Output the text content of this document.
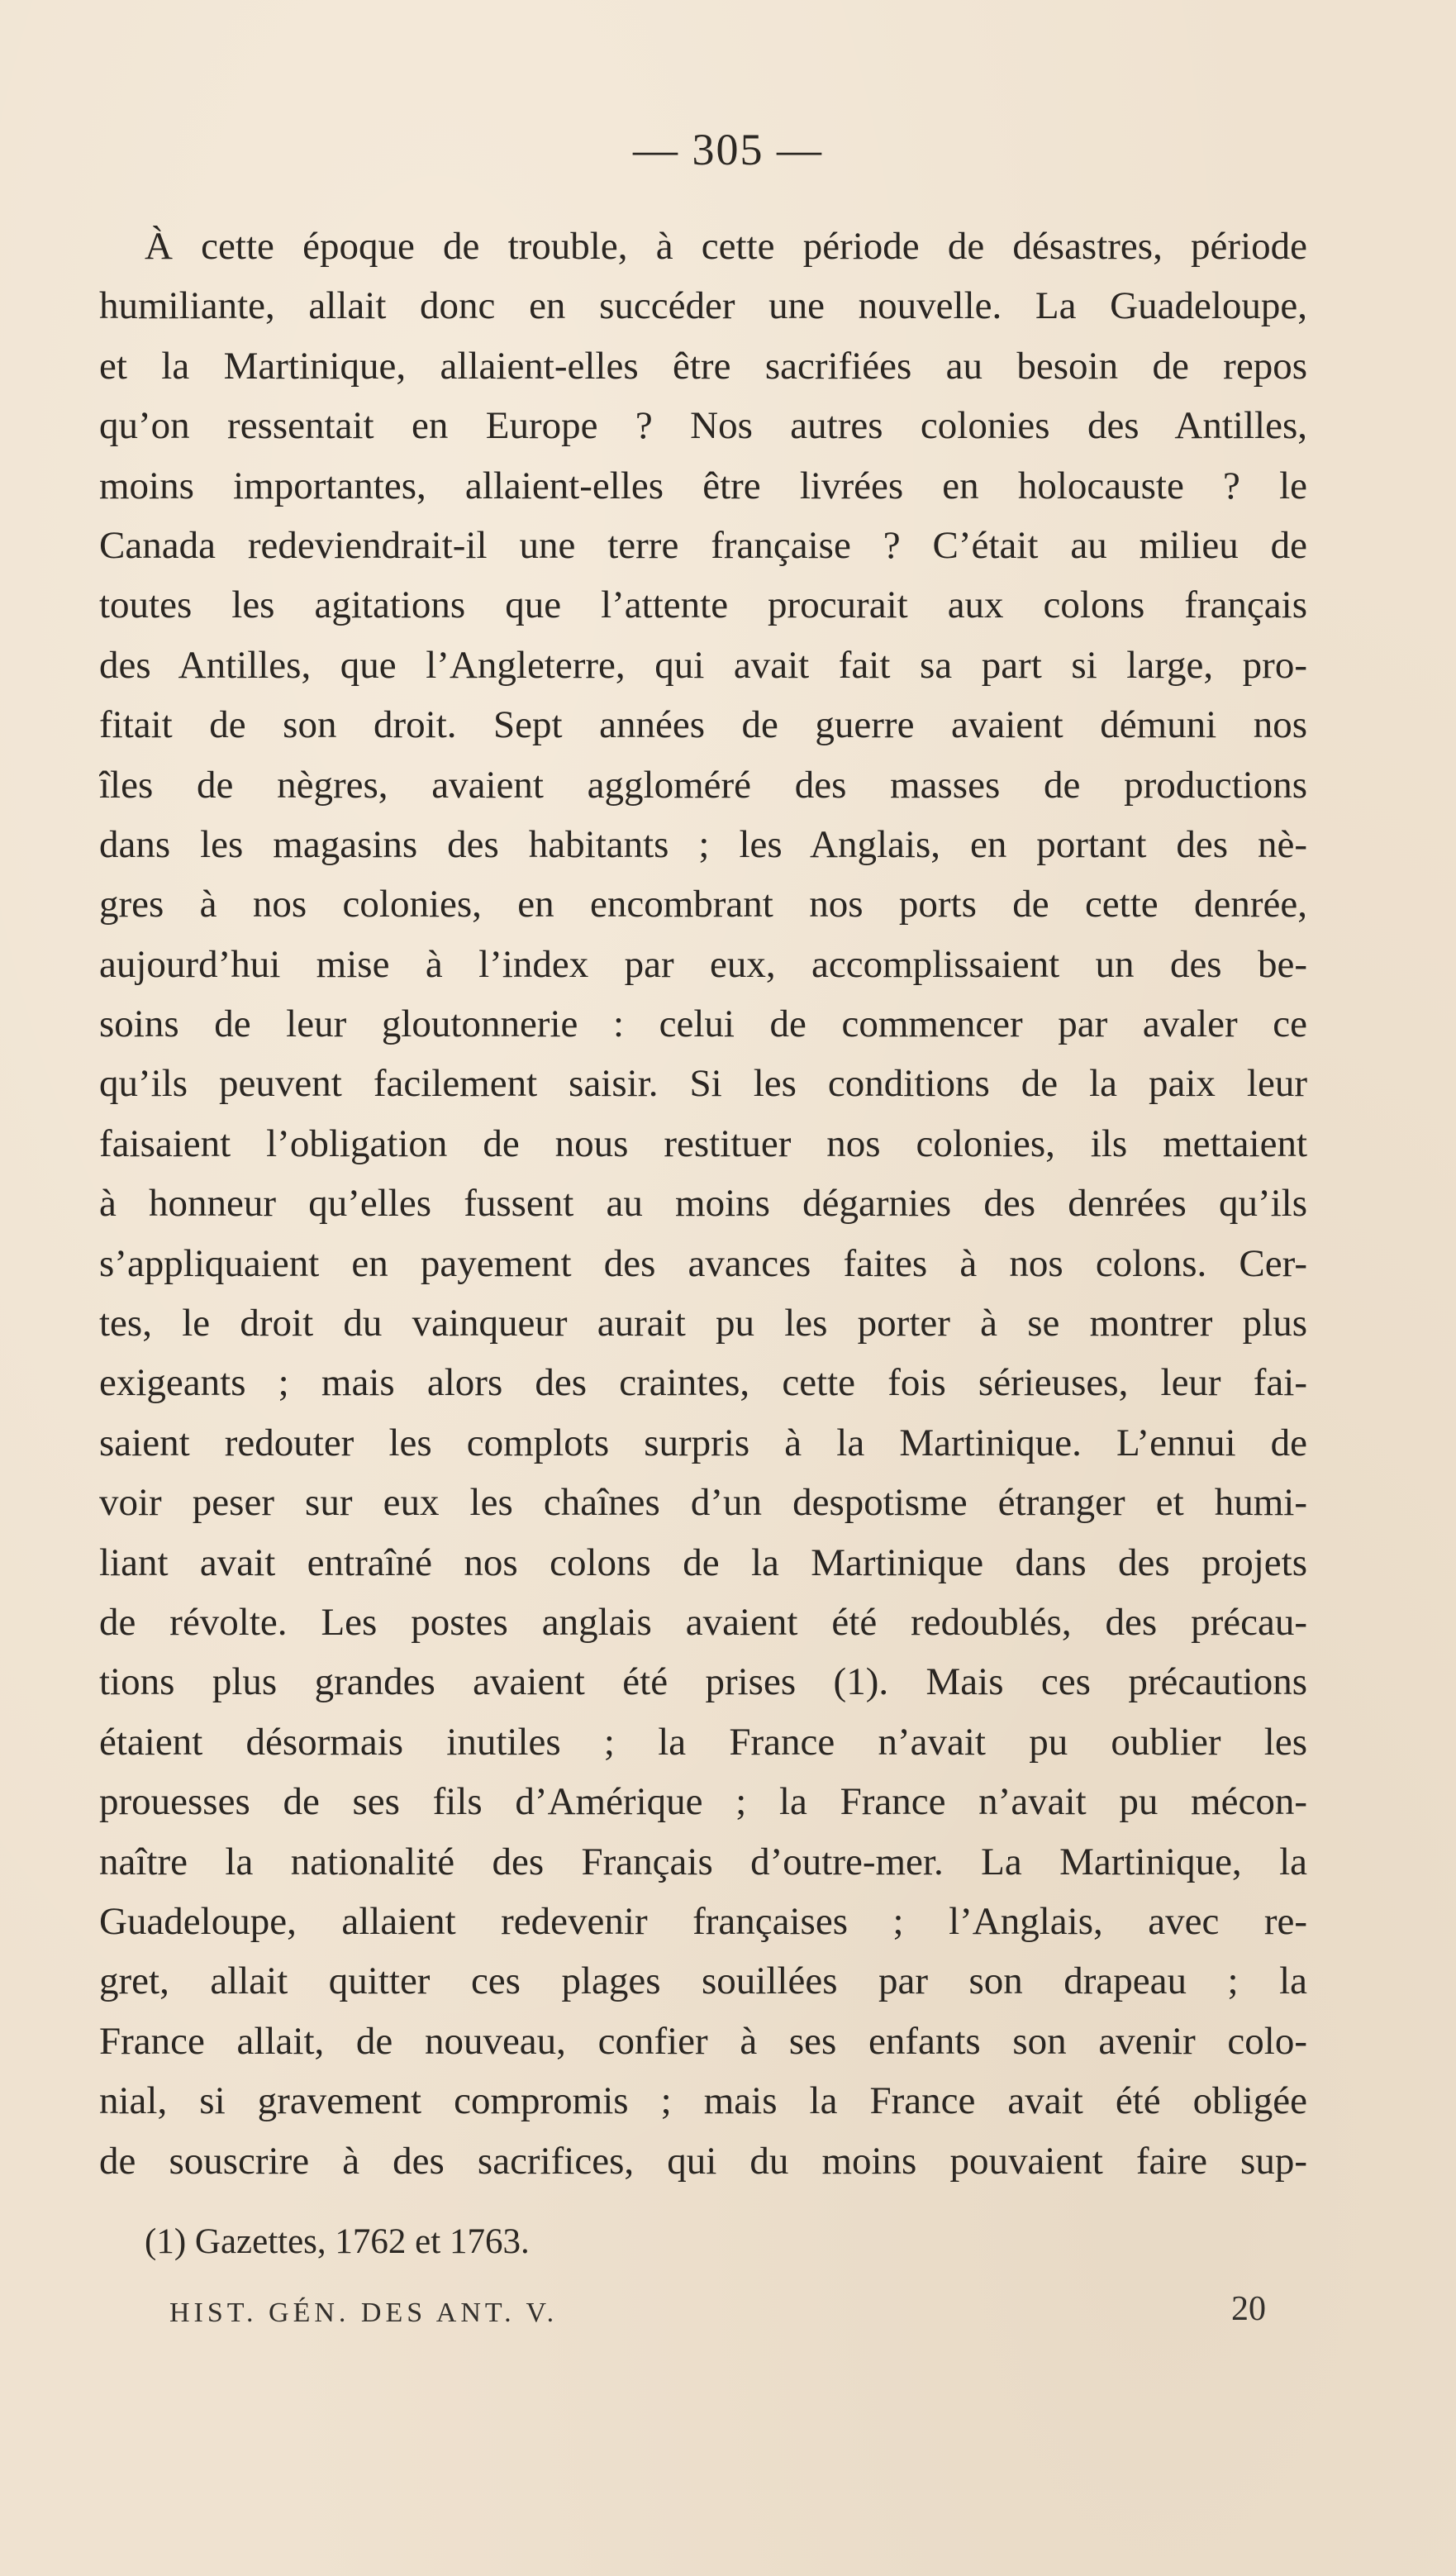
— 305 —
À cette époque de trouble, à cette période de désastres, période
humiliante, allait donc en succéder une nouvelle. La Guadeloupe,
et la Martinique, allaient-elles être sacrifiées au besoin de repos
qu’on ressentait en Europe ? Nos autres colonies des Antilles,
moins importantes, allaient-elles être livrées en holocauste ? le
Canada redeviendrait-il une terre française ? C’était au milieu de
toutes les agitations que l’attente procurait aux colons français
des Antilles, que l’Angleterre, qui avait fait sa part si large, pro-
fitait de son droit. Sept années de guerre avaient démuni nos
îles de nègres, avaient aggloméré des masses de productions
dans les magasins des habitants ; les Anglais, en portant des nè-
gres à nos colonies, en encombrant nos ports de cette denrée,
aujourd’hui mise à l’index par eux, accomplissaient un des be-
soins de leur gloutonnerie : celui de commencer par avaler ce
qu’ils peuvent facilement saisir. Si les conditions de la paix leur
faisaient l’obligation de nous restituer nos colonies, ils mettaient
à honneur qu’elles fussent au moins dégarnies des denrées qu’ils
s’appliquaient en payement des avances faites à nos colons. Cer-
tes, le droit du vainqueur aurait pu les porter à se montrer plus
exigeants ; mais alors des craintes, cette fois sérieuses, leur fai-
saient redouter les complots surpris à la Martinique. L’ennui de
voir peser sur eux les chaînes d’un despotisme étranger et humi-
liant avait entraîné nos colons de la Martinique dans des projets
de révolte. Les postes anglais avaient été redoublés, des précau-
tions plus grandes avaient été prises (1). Mais ces précautions
étaient désormais inutiles ; la France n’avait pu oublier les
prouesses de ses fils d’Amérique ; la France n’avait pu mécon-
naître la nationalité des Français d’outre-mer. La Martinique, la
Guadeloupe, allaient redevenir françaises ; l’Anglais, avec re-
gret, allait quitter ces plages souillées par son drapeau ; la
France allait, de nouveau, confier à ses enfants son avenir colo-
nial, si gravement compromis ; mais la France avait été obligée
de souscrire à des sacrifices, qui du moins pouvaient faire sup-
(1) Gazettes, 1762 et 1763.
HIST. GÉN. DES ANT. V.	20
